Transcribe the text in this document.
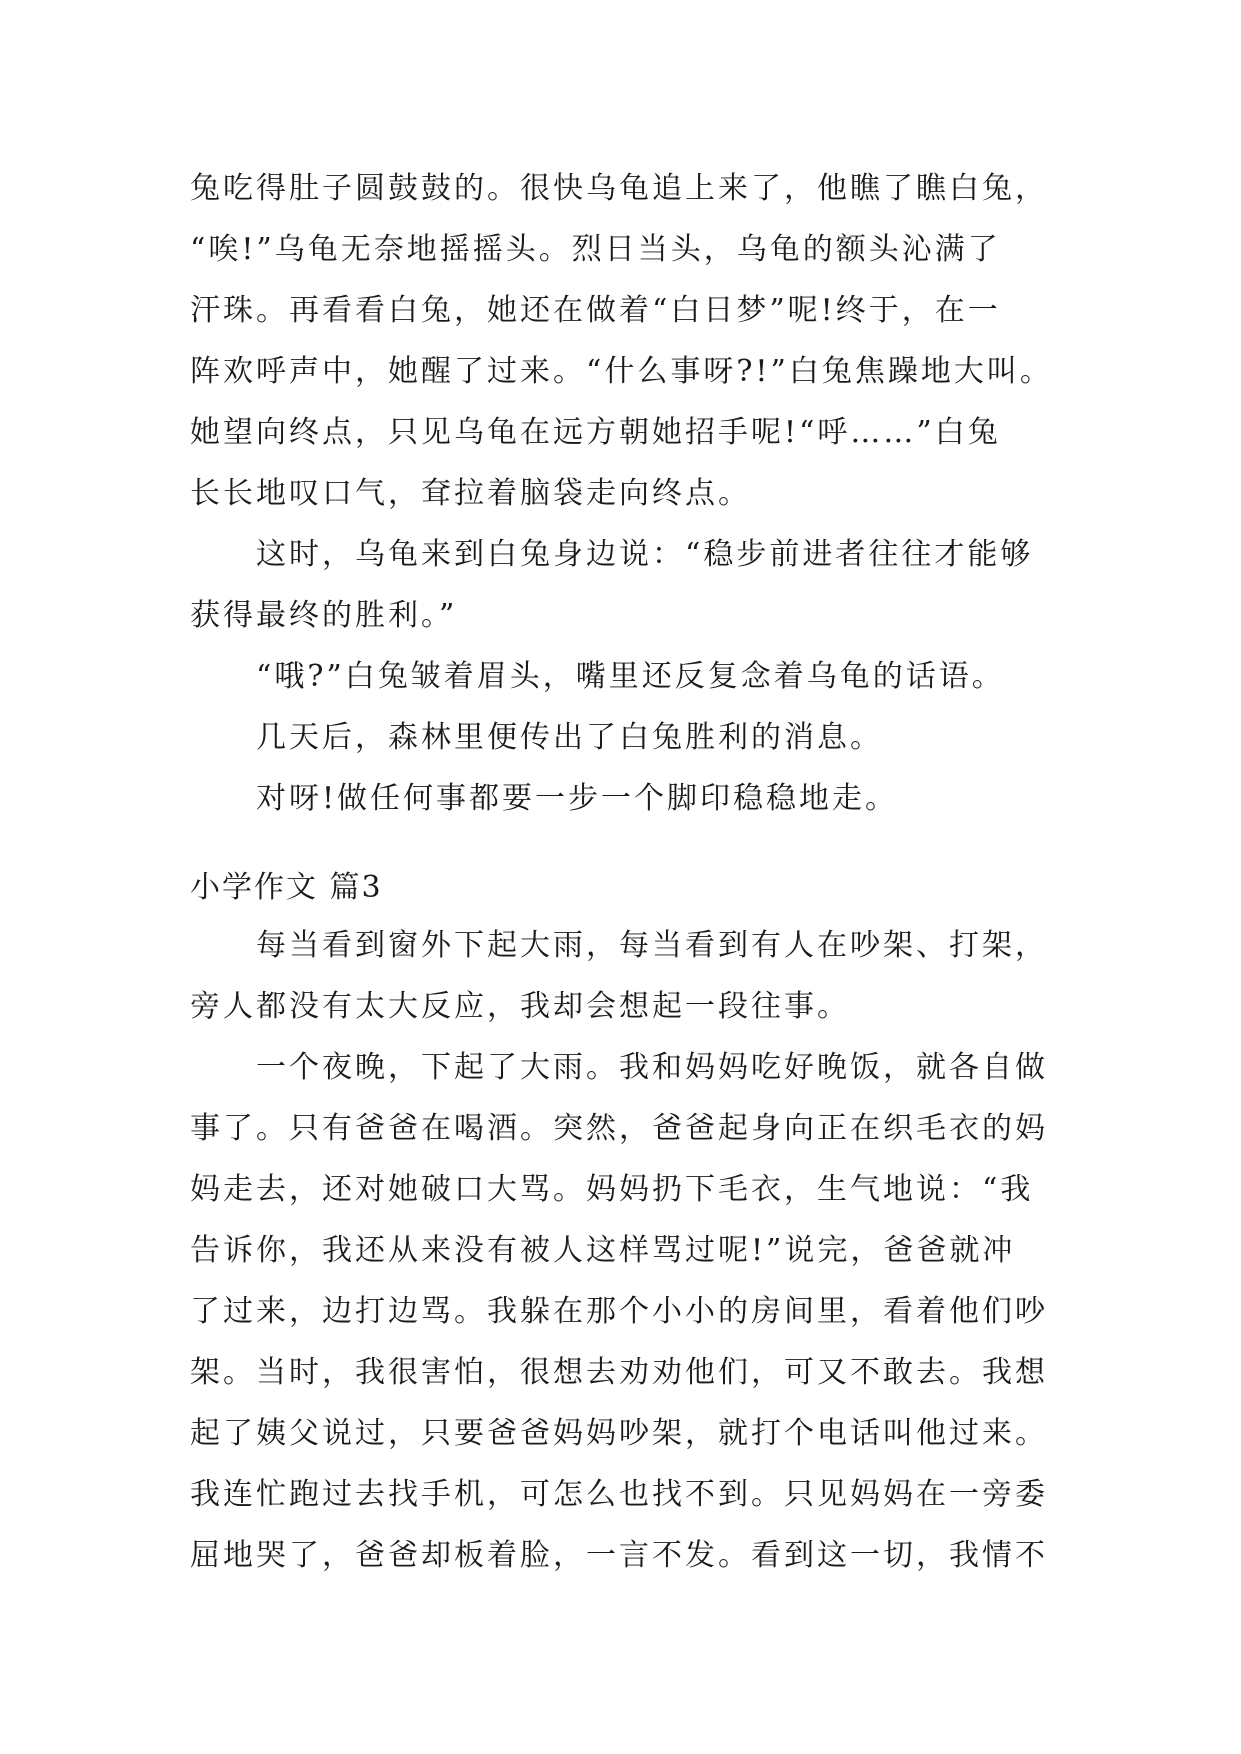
兔吃得肚子圆鼓鼓的。很快乌龟追上来了，他瞧了瞧白兔，

“唉!”乌龟无奈地摇摇头。烈日当头，乌龟的额头沁满了

汗珠。再看看白兔，她还在做着“白日梦”呢!终于，在一

阵欢呼声中，她醒了过来。“什么事呀?!”白兔焦躁地大叫。

她望向终点，只见乌龟在远方朝她招手呢!“呼……”白兔

长长地叹口气，耷拉着脑袋走向终点。

这时，乌龟来到白兔身边说：“稳步前进者往往才能够

获得最终的胜利。”

“哦?”白兔皱着眉头，嘴里还反复念着乌龟的话语。

几天后，森林里便传出了白兔胜利的消息。

对呀!做任何事都要一步一个脚印稳稳地走。

小学作文 篇3

每当看到窗外下起大雨，每当看到有人在吵架、打架，

旁人都没有太大反应，我却会想起一段往事。

一个夜晚，下起了大雨。我和妈妈吃好晚饭，就各自做

事了。只有爸爸在喝酒。突然，爸爸起身向正在织毛衣的妈

妈走去，还对她破口大骂。妈妈扔下毛衣，生气地说：“我

告诉你，我还从来没有被人这样骂过呢!”说完，爸爸就冲

了过来，边打边骂。我躲在那个小小的房间里，看着他们吵

架。当时，我很害怕，很想去劝劝他们，可又不敢去。我想

起了姨父说过，只要爸爸妈妈吵架，就打个电话叫他过来。

我连忙跑过去找手机，可怎么也找不到。只见妈妈在一旁委

屈地哭了，爸爸却板着脸，一言不发。看到这一切，我情不
